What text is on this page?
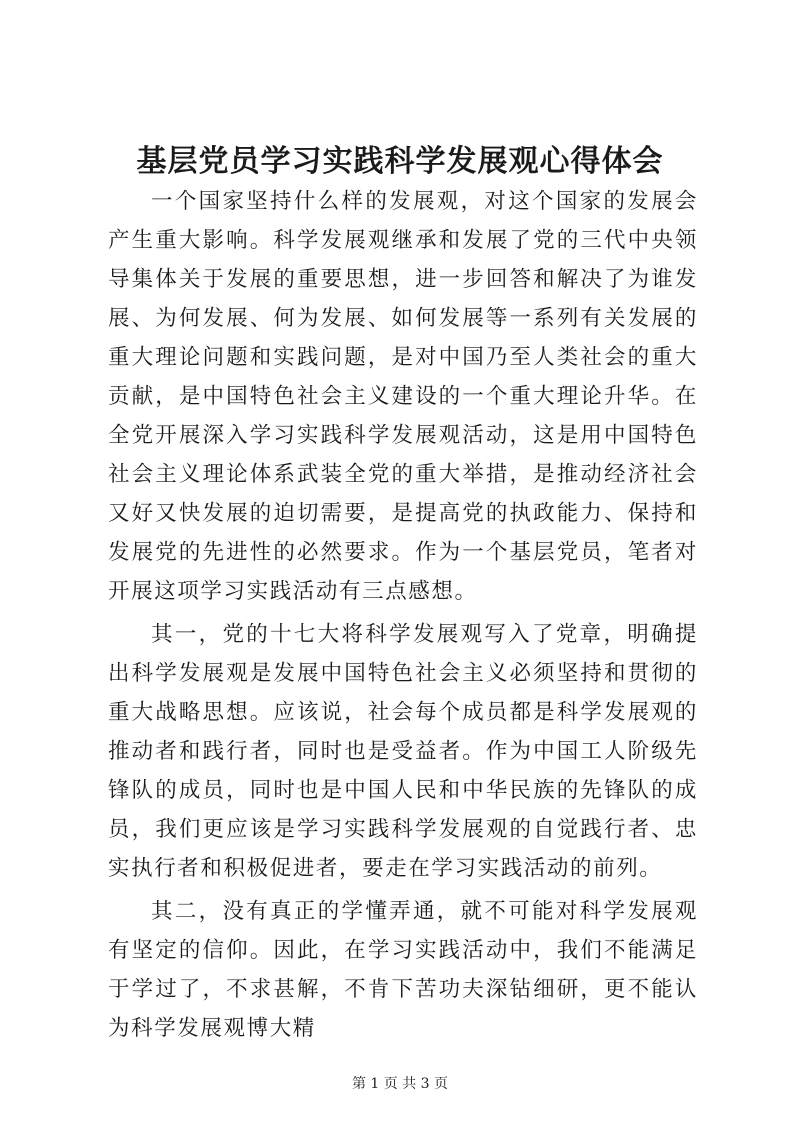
基层党员学习实践科学发展观心得体会

一个国家坚持什么样的发展观，对这个国家的发展会产生重大影响。科学发展观继承和发展了党的三代中央领导集体关于发展的重要思想，进一步回答和解决了为谁发展、为何发展、何为发展、如何发展等一系列有关发展的重大理论问题和实践问题，是对中国乃至人类社会的重大贡献，是中国特色社会主义建设的一个重大理论升华。在全党开展深入学习实践科学发展观活动，这是用中国特色社会主义理论体系武装全党的重大举措，是推动经济社会又好又快发展的迫切需要，是提高党的执政能力、保持和发展党的先进性的必然要求。作为一个基层党员，笔者对开展这项学习实践活动有三点感想。

其一，党的十七大将科学发展观写入了党章，明确提出科学发展观是发展中国特色社会主义必须坚持和贯彻的重大战略思想。应该说，社会每个成员都是科学发展观的推动者和践行者，同时也是受益者。作为中国工人阶级先锋队的成员，同时也是中国人民和中华民族的先锋队的成员，我们更应该是学习实践科学发展观的自觉践行者、忠实执行者和积极促进者，要走在学习实践活动的前列。

其二，没有真正的学懂弄通，就不可能对科学发展观有坚定的信仰。因此，在学习实践活动中，我们不能满足于学过了，不求甚解，不肯下苦功夫深钻细研，更不能认为科学发展观博大精

第 1 页 共 3 页
